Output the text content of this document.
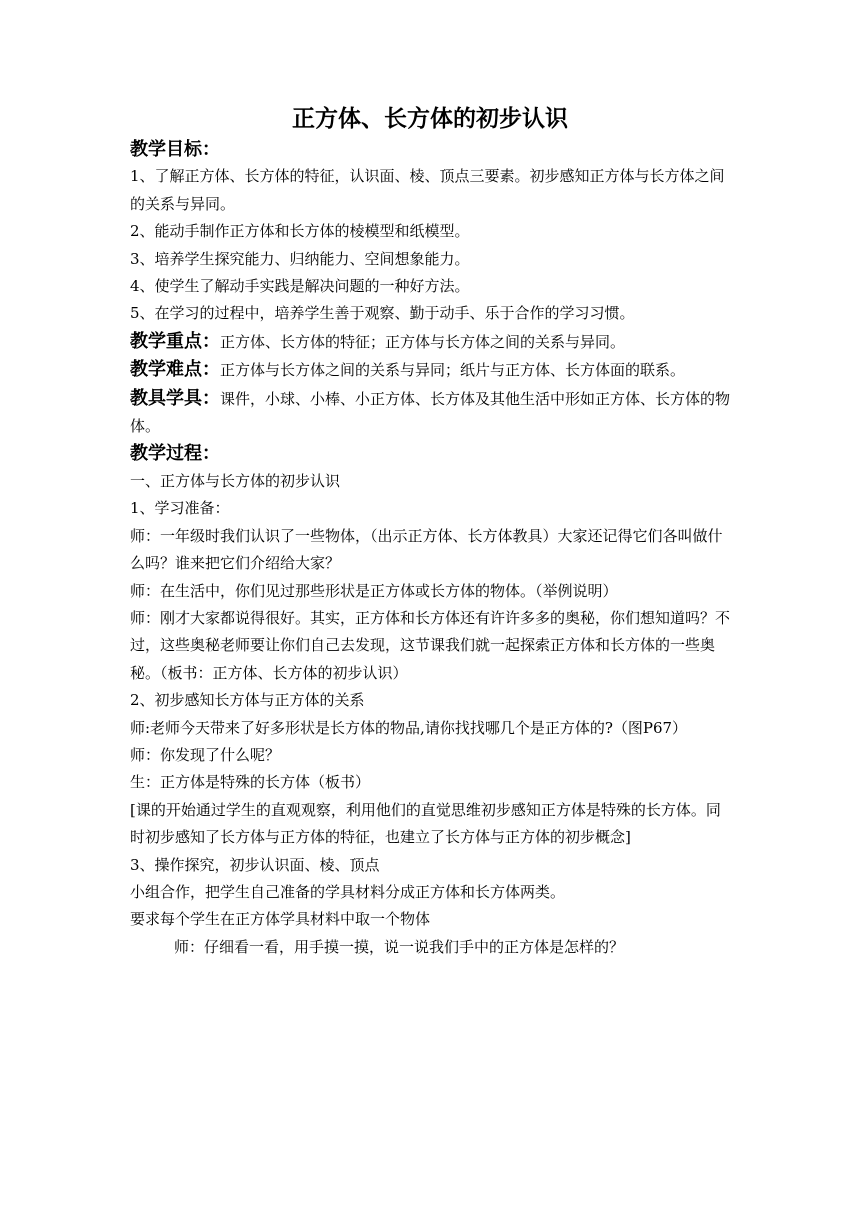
正方体、长方体的初步认识

教学目标：

1、了解正方体、长方体的特征，认识面、棱、顶点三要素。初步感知正方体与长方体之间的关系与异同。

2、能动手制作正方体和长方体的棱模型和纸模型。

3、培养学生探究能力、归纳能力、空间想象能力。

4、使学生了解动手实践是解决问题的一种好方法。

5、在学习的过程中，培养学生善于观察、勤于动手、乐于合作的学习习惯。

教学重点：正方体、长方体的特征；正方体与长方体之间的关系与异同。

教学难点：正方体与长方体之间的关系与异同；纸片与正方体、长方体面的联系。

教具学具：课件，小球、小棒、小正方体、长方体及其他生活中形如正方体、长方体的物体。

教学过程：

一、正方体与长方体的初步认识

1、学习准备：

师：一年级时我们认识了一些物体，（出示正方体、长方体教具）大家还记得它们各叫做什么吗？谁来把它们介绍给大家？

师：在生活中，你们见过那些形状是正方体或长方体的物体。（举例说明）

师：刚才大家都说得很好。其实，正方体和长方体还有许许多多的奥秘，你们想知道吗？不过，这些奥秘老师要让你们自己去发现，这节课我们就一起探索正方体和长方体的一些奥秘。（板书：正方体、长方体的初步认识）

2、初步感知长方体与正方体的关系

师:老师今天带来了好多形状是长方体的物品,请你找找哪几个是正方体的?（图P67）

师：你发现了什么呢？

生：正方体是特殊的长方体（板书）

[课的开始通过学生的直观观察，利用他们的直觉思维初步感知正方体是特殊的长方体。同时初步感知了长方体与正方体的特征，也建立了长方体与正方体的初步概念]

3、操作探究，初步认识面、棱、顶点

小组合作，把学生自己准备的学具材料分成正方体和长方体两类。

要求每个学生在正方体学具材料中取一个物体

师：仔细看一看，用手摸一摸，说一说我们手中的正方体是怎样的？
